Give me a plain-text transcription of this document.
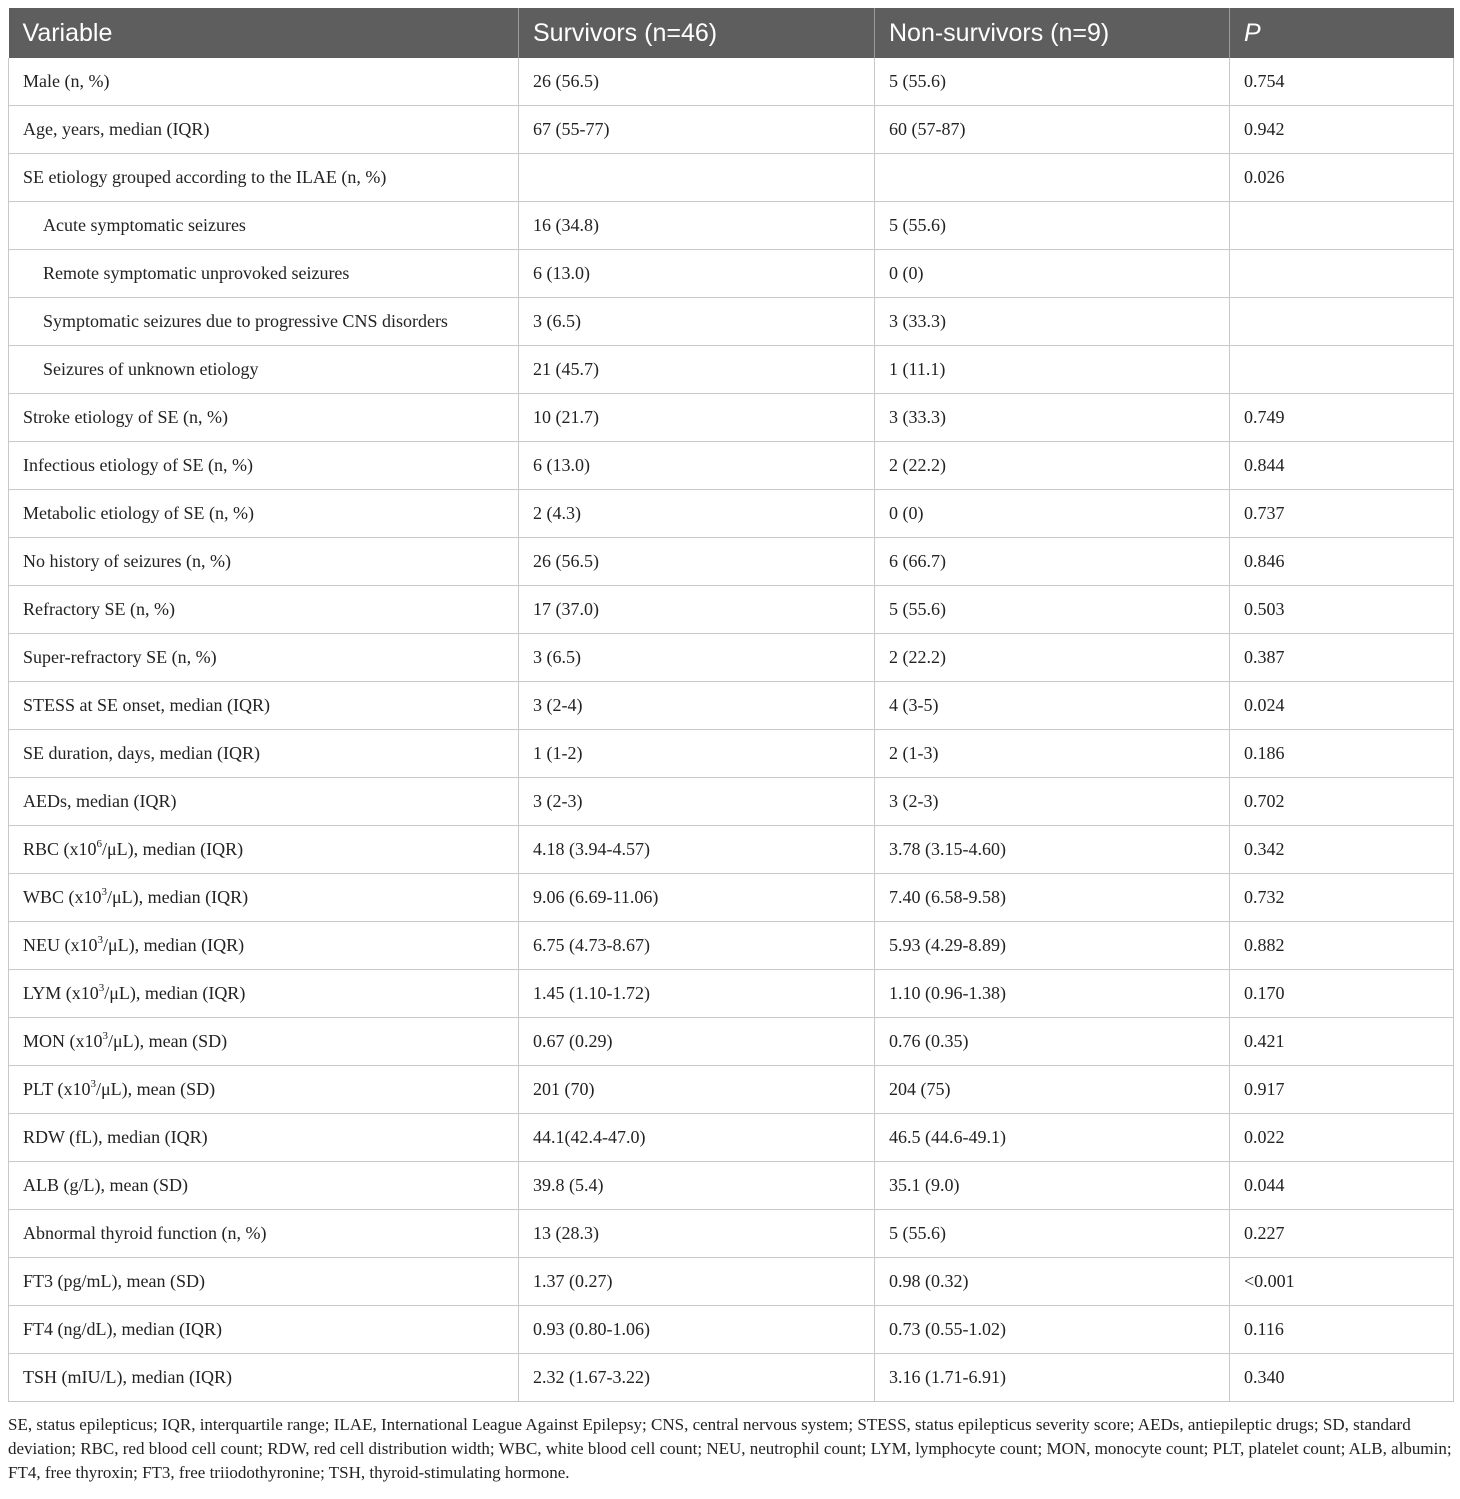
Variable	Survivors (n=46)	Non-survivors (n=9)	P
Male (n, %)	26 (56.5)	5 (55.6)	0.754
Age, years, median (IQR)	67 (55-77)	60 (57-87)	0.942
SE etiology grouped according to the ILAE (n, %)			0.026
Acute symptomatic seizures	16 (34.8)	5 (55.6)	
Remote symptomatic unprovoked seizures	6 (13.0)	0 (0)	
Symptomatic seizures due to progressive CNS disorders	3 (6.5)	3 (33.3)	
Seizures of unknown etiology	21 (45.7)	1 (11.1)	
Stroke etiology of SE (n, %)	10 (21.7)	3 (33.3)	0.749
Infectious etiology of SE (n, %)	6 (13.0)	2 (22.2)	0.844
Metabolic etiology of SE (n, %)	2 (4.3)	0 (0)	0.737
No history of seizures (n, %)	26 (56.5)	6 (66.7)	0.846
Refractory SE (n, %)	17 (37.0)	5 (55.6)	0.503
Super-refractory SE (n, %)	3 (6.5)	2 (22.2)	0.387
STESS at SE onset, median (IQR)	3 (2-4)	4 (3-5)	0.024
SE duration, days, median (IQR)	1 (1-2)	2 (1-3)	0.186
AEDs, median (IQR)	3 (2-3)	3 (2-3)	0.702
RBC $(x10^6/\mu L)$, median (IQR)	4.18 (3.94-4.57)	3.78 (3.15-4.60)	0.342
WBC $(x10^3/\mu L)$, median (IQR)	9.06 (6.69-11.06)	7.40 (6.58-9.58)	0.732
NEU $(x10^3/\mu L)$, median (IQR)	6.75 (4.73-8.67)	5.93 (4.29-8.89)	0.882
LYM $(x10^3/\mu L)$, median (IQR)	1.45 (1.10-1.72)	1.10 (0.96-1.38)	0.170
MON $(x10^3/\mu L)$, mean (SD)	0.67 (0.29)	0.76 (0.35)	0.421
PLT $(x10^3/\mu L)$, mean (SD)	201 (70)	204 (75)	0.917
RDW (fL), median (IQR)	44.1(42.4-47.0)	46.5 (44.6-49.1)	0.022
ALB (g/L), mean (SD)	39.8 (5.4)	35.1 (9.0)	0.044
Abnormal thyroid function (n, %)	13 (28.3)	5 (55.6)	0.227
FT3 (pg/mL), mean (SD)	1.37 (0.27)	0.98 (0.32)	<0.001
FT4 (ng/dL), median (IQR)	0.93 (0.80-1.06)	0.73 (0.55-1.02)	0.116
TSH (mIU/L), median (IQR)	2.32 (1.67-3.22)	3.16 (1.71-6.91)	0.340
SE, status epilepticus; IQR, interquartile range; ILAE, International League Against Epilepsy; CNS, central nervous system; STESS, status epilepticus severity score; AEDs, antiepileptic drugs; SD, standard deviation; RBC, red blood cell count; RDW, red cell distribution width; WBC, white blood cell count; NEU, neutrophil count; LYM, lymphocyte count; MON, monocyte count; PLT, platelet count; ALB, albumin; FT4, free thyroxin; FT3, free triiodothyronine; TSH, thyroid-stimulating hormone.
